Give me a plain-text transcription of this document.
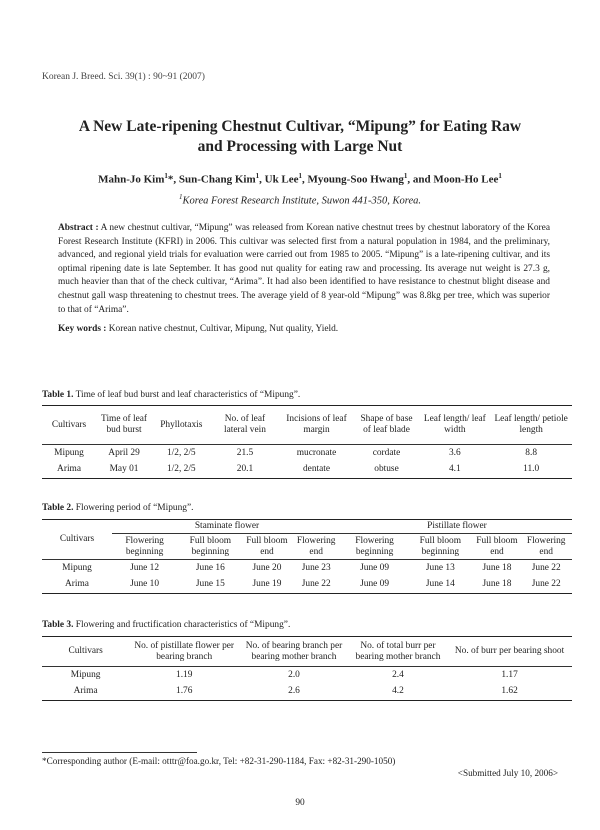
Korean J. Breed. Sci. 39(1) : 90~91 (2007)
A New Late-ripening Chestnut Cultivar, “Mipung” for Eating Raw
and Processing with Large Nut
Mahn-Jo Kim$^1$*, Sun-Chang Kim$^1$, Uk Lee$^1$, Myoung-Soo Hwang$^1$, and Moon-Ho Lee$^1$
$^1$Korea Forest Research Institute, Suwon 441-350, Korea.
Abstract : A new chestnut cultivar, “Mipung” was released from Korean native chestnut trees by chestnut laboratory of the Korea Forest Research Institute (KFRI) in 2006. This cultivar was selected first from a natural population in 1984, and the preliminary, advanced, and regional yield trials for evaluation were carried out from 1985 to 2005. “Mipung” is a late-ripening cultivar, and its optimal ripening date is late September. It has good nut quality for eating raw and processing. Its average nut weight is 27.3 g, much heavier than that of the check cultivar, “Arima”. It had also been identified to have resistance to chestnut blight disease and chestnut gall wasp threatening to chestnut trees. The average yield of 8 year-old “Mipung” was 8.8kg per tree, which was superior to that of “Arima”.
Key words : Korean native chestnut, Cultivar, Mipung, Nut quality, Yield.
Table 1. Time of leaf bud burst and leaf characteristics of “Mipung”.
Cultivars	Time of leaf bud burst	Phyllotaxis	No. of leaf lateral vein	Incisions of leaf margin	Shape of base of leaf blade	Leaf length/ leaf width	Leaf length/ petiole length
Mipung	April 29	1/2, 2/5	21.5	mucronate	cordate	3.6	8.8
Arima	May 01	1/2, 2/5	20.1	dentate	obtuse	4.1	11.0
Table 2. Flowering period of “Mipung”.
Cultivars	Staminate flower				Pistillate flower			
	Flowering beginning	Full bloom beginning	Full bloom end	Flowering end	Flowering beginning	Full bloom beginning	Full bloom end	Flowering end
Mipung	June 12	June 16	June 20	June 23	June 09	June 13	June 18	June 22
Arima	June 10	June 15	June 19	June 22	June 09	June 14	June 18	June 22
Table 3. Flowering and fructification characteristics of “Mipung”.
Cultivars	No. of pistillate flower per bearing branch	No. of bearing branch per bearing mother branch	No. of total burr per bearing mother branch	No. of burr per bearing shoot
Mipung	1.19	2.0	2.4	1.17
Arima	1.76	2.6	4.2	1.62
*Corresponding author (E-mail: otttr@foa.go.kr, Tel: +82-31-290-1184, Fax: +82-31-290-1050)
<Submitted July 10, 2006>
90
